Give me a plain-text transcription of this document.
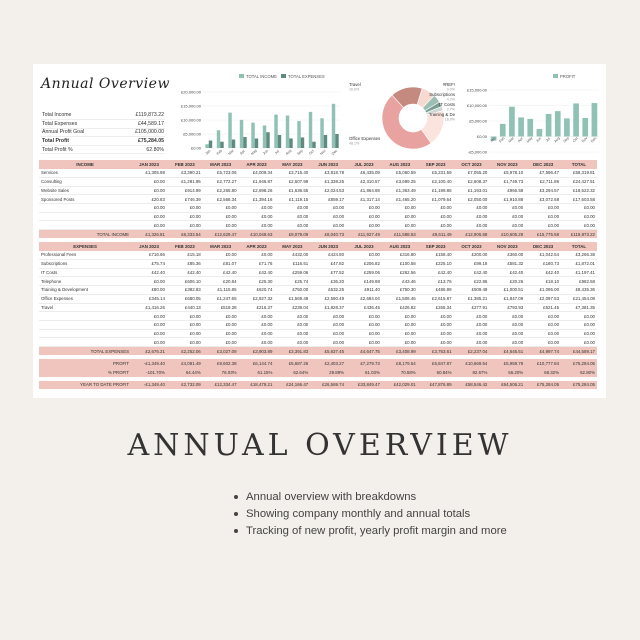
Annual Overview
Total Income	£119,873.22
Total Expenses	£44,589.17
Annual Profit Goal	£105,000.00
Total Profit	£75,284.05
Total Profit %	62.80%
TOTAL INCOME	TOTAL EXPENSES
£20,000.00
£15,000.00
£10,000.00
£5,000.00
£0.00
Jan Feb Mar Apr May Jun Jul Aug Sep Oct Nov Dec
Travel
16.6%
#REF!
0.0%
Subscriptions
4.2%
IT Costs
2.7%
Training & De
18.9%
Office Expenses
48.1%
PROFIT
£15,000.00
£10,000.00
£5,000.00
£0.00
-£5,000.00
Jan Feb Mar Apr May Jun Jul Aug Sep Oct Nov Dec
INCOME	JAN 2023	FEB 2023	MAR 2023	APR 2023	MAY 2023	JUN 2023	JUL 2023	AUG 2023	SEP 2023	OCT 2023	NOV 2023	DEC 2023	TOTAL
Services	£1,305.98	£3,390.21	£5,723.06	£4,009.34	£3,715.40	£3,818.78	£6,435.09	£5,060.59	£5,231.59	£7,055.20	£5,978.10	£7,596.47	£59,319.81
Consulting	£0.00	£1,281.95	£2,772.27	£1,946.87	£2,607.99	£1,338.25	£2,310.57	£3,699.25	£2,100.40	£2,608.37	£1,749.73	£2,711.86	£24,427.51
Website Sales	£0.00	£914.99	£2,265.80	£2,698.26	£1,636.55	£2,024.53	£1,864.69	£1,363.49	£1,199.86	£1,193.01	£966.58	£3,294.57	£18,522.32
Sponsored Posts	£20.83	£746.39	£2,568.34	£1,394.16	£1,119.15	£859.17	£1,317.14	£1,465.20	£1,079.64	£2,050.00	£1,910.88	£3,072.68	£17,603.58
	£0.00	£0.00	£0.00	£0.00	£0.00	£0.00	£0.00	£0.00	£0.00	£0.00	£0.00	£0.00	£0.00
	£0.00	£0.00	£0.00	£0.00	£0.00	£0.00	£0.00	£0.00	£0.00	£0.00	£0.00	£0.00	£0.00
	£0.00	£0.00	£0.00	£0.00	£0.00	£0.00	£0.00	£0.00	£0.00	£0.00	£0.00	£0.00	£0.00
TOTAL INCOME	£1,326.81	£6,333.54	£12,629.47	£10,048.63	£9,079.09	£8,040.73	£11,927.49	£11,588.53	£9,611.49	£12,906.58	£10,605.29	£15,775.58	£119,873.22

EXPENSES	JAN 2023	FEB 2023	MAR 2023	APR 2023	MAY 2023	JUN 2023	JUL 2023	AUG 2023	SEP 2023	OCT 2023	NOV 2023	DEC 2023	TOTAL
Professional Fees	£716.66	£15.18	£0.00	£0.00	£432.00	£424.80	£0.00	£316.80	£158.40	£200.00	£360.00	£1,042.54	£3,266.38
Subscriptions	£75.74	£85.36	£81.07	£71.76	£116.51	£47.82	£206.82	£100.58	£225.10	£99.18	£581.32	£180.73	£1,872.01
IT Costs	£42.40	£42.40	£42.40	£42.40	£259.06	£77.52	£259.06	£262.56	£42.40	£42.40	£42.40	£42.40	£1,197.41
Telephone	£0.00	£606.10	£20.84	£25.30	£25.74	£36.20	£149.98	£43.46	£13.76	£22.86	£20.26	£18.10	£982.58
Training & Development	£80.00	£382.83	£1,115.85	£620.74	£750.00	£632.25	£911.40	£750.30	£486.99	£509.49	£1,000.51	£1,095.00	£8,435.36
Office Expenses	£345.14	£680.05	£1,247.65	£2,927.32	£1,569.48	£2,590.49	£2,684.04	£1,508.46	£2,615.87	£1,385.21	£1,847.09	£2,097.53	£21,454.08
Travel	£1,416.26	£440.13	£519.28	£216.37	£239.04	£1,828.37	£436.45	£426.82	£265.34	£277.91	£793.93	£521.45	£7,381.35
	£0.00	£0.00	£0.00	£0.00	£0.00	£0.00	£0.00	£0.00	£0.00	£0.00	£0.00	£0.00	£0.00
	£0.00	£0.00	£0.00	£0.00	£0.00	£0.00	£0.00	£0.00	£0.00	£0.00	£0.00	£0.00	£0.00
	£0.00	£0.00	£0.00	£0.00	£0.00	£0.00	£0.00	£0.00	£0.00	£0.00	£0.00	£0.00	£0.00
	£0.00	£0.00	£0.00	£0.00	£0.00	£0.00	£0.00	£0.00	£0.00	£0.00	£0.00	£0.00	£0.00
TOTAL EXPENSES	£2,676.21	£2,252.06	£3,027.09	£3,903.89	£3,391.83	£5,637.45	£4,647.75	£3,408.99	£3,763.61	£2,237.04	£4,645.51	£4,997.74	£44,589.17

PROFIT	-£1,349.40	£4,081.49	£9,602.38	£6,144.74	£5,687.26	£2,403.27	£7,279.73	£8,179.54	£5,847.87	£10,669.54	£5,959.79	£10,777.84	£75,284.05
% PROFIT	-101.70%	64.44%	76.03%	61.15%	62.64%	29.89%	61.03%	70.58%	60.84%	82.67%	56.20%	68.32%	62.80%

YEAR TO DATE PROFIT	-£1,349.40	£2,732.09	£12,334.47	£18,479.21	£24,166.47	£26,569.74	£33,849.47	£42,029.01	£47,876.89	£58,546.42	£64,506.21	£75,284.05	£75,284.05
ANNUAL OVERVIEW
Annual overview with breakdowns
Showing company monthly and annual totals
Tracking of new profit, yearly profit margin and more
